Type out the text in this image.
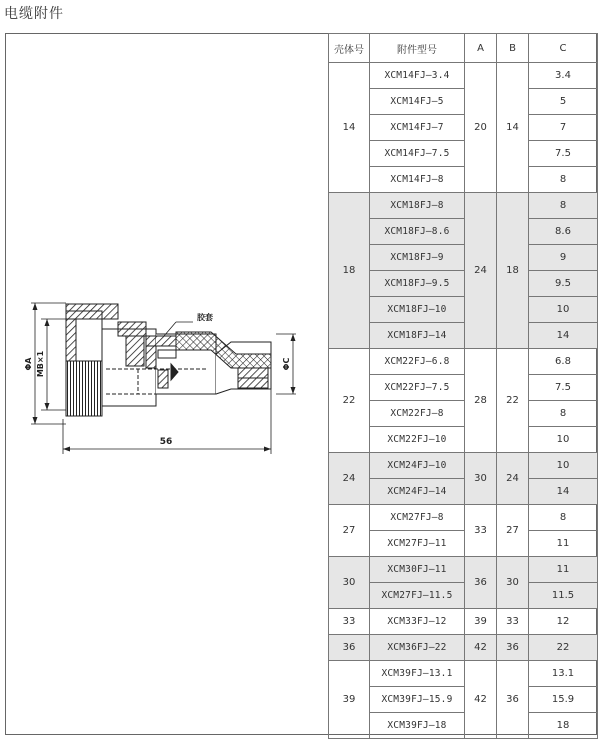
电缆附件
ΦA MB×1
56
ΦC
胶套
壳体号	附件型号	A	B	C
14	XCM14FJ—3.4	20	14	3.4
	XCM14FJ—5			5
	XCM14FJ—7			7
	XCM14FJ—7.5			7.5
	XCM14FJ—8			8
18	XCM18FJ—8	24	18	8
	XCM18FJ—8.6			8.6
	XCM18FJ—9			9
	XCM18FJ—9.5			9.5
	XCM18FJ—10			10
	XCM18FJ—14			14
22	XCM22FJ—6.8	28	22	6.8
	XCM22FJ—7.5			7.5
	XCM22FJ—8			8
	XCM22FJ—10			10
24	XCM24FJ—10	30	24	10
	XCM24FJ—14			14
27	XCM27FJ—8	33	27	8
	XCM27FJ—11			11
30	XCM30FJ—11	36	30	11
	XCM27FJ—11.5			11.5
33	XCM33FJ—12	39	33	12
36	XCM36FJ—22	42	36	22
39	XCM39FJ—13.1	42	36	13.1
	XCM39FJ—15.9			15.9
	XCM39FJ—18			18
